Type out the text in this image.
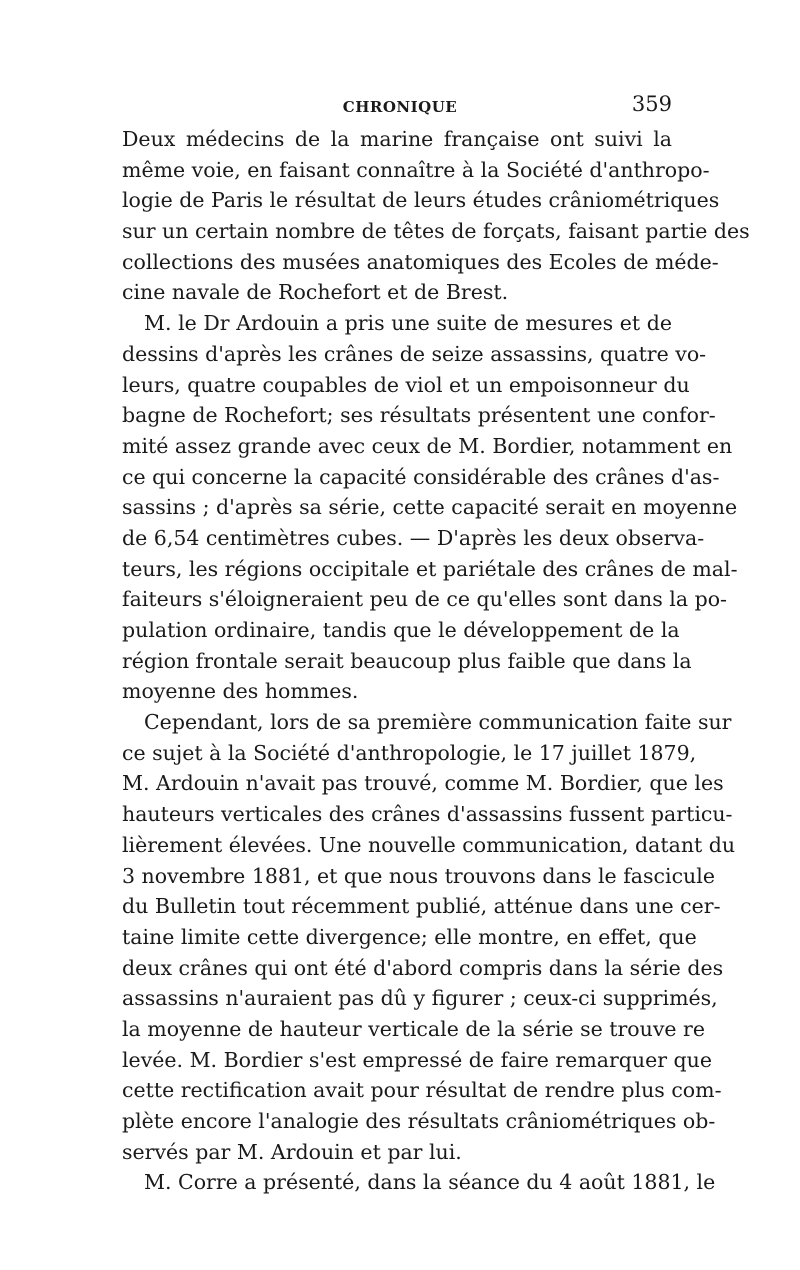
CHRONIQUE	359
Deux médecins de la marine française ont suivi la
même voie, en faisant connaître à la Société d'anthropo-
logie de Paris le résultat de leurs études crâniométriques
sur un certain nombre de têtes de forçats, faisant partie des
collections des musées anatomiques des Ecoles de méde-
cine navale de Rochefort et de Brest.
M. le Dr Ardouin a pris une suite de mesures et de
dessins d'après les crânes de seize assassins, quatre vo-
leurs, quatre coupables de viol et un empoisonneur du
bagne de Rochefort; ses résultats présentent une confor-
mité assez grande avec ceux de M. Bordier, notamment en
ce qui concerne la capacité considérable des crânes d'as-
sassins ; d'après sa série, cette capacité serait en moyenne
de 6,54 centimètres cubes. — D'après les deux observa-
teurs, les régions occipitale et pariétale des crânes de mal-
faiteurs s'éloigneraient peu de ce qu'elles sont dans la po-
pulation ordinaire, tandis que le développement de la
région frontale serait beaucoup plus faible que dans la
moyenne des hommes.
Cependant, lors de sa première communication faite sur
ce sujet à la Société d'anthropologie, le 17 juillet 1879,
M. Ardouin n'avait pas trouvé, comme M. Bordier, que les
hauteurs verticales des crânes d'assassins fussent particu-
lièrement élevées. Une nouvelle communication, datant du
3 novembre 1881, et que nous trouvons dans le fascicule
du Bulletin tout récemment publié, atténue dans une cer-
taine limite cette divergence; elle montre, en effet, que
deux crânes qui ont été d'abord compris dans la série des
assassins n'auraient pas dû y figurer ; ceux-ci supprimés,
la moyenne de hauteur verticale de la série se trouve re
levée. M. Bordier s'est empressé de faire remarquer que
cette rectification avait pour résultat de rendre plus com-
plète encore l'analogie des résultats crâniométriques ob-
servés par M. Ardouin et par lui.
M. Corre a présenté, dans la séance du 4 août 1881, le
